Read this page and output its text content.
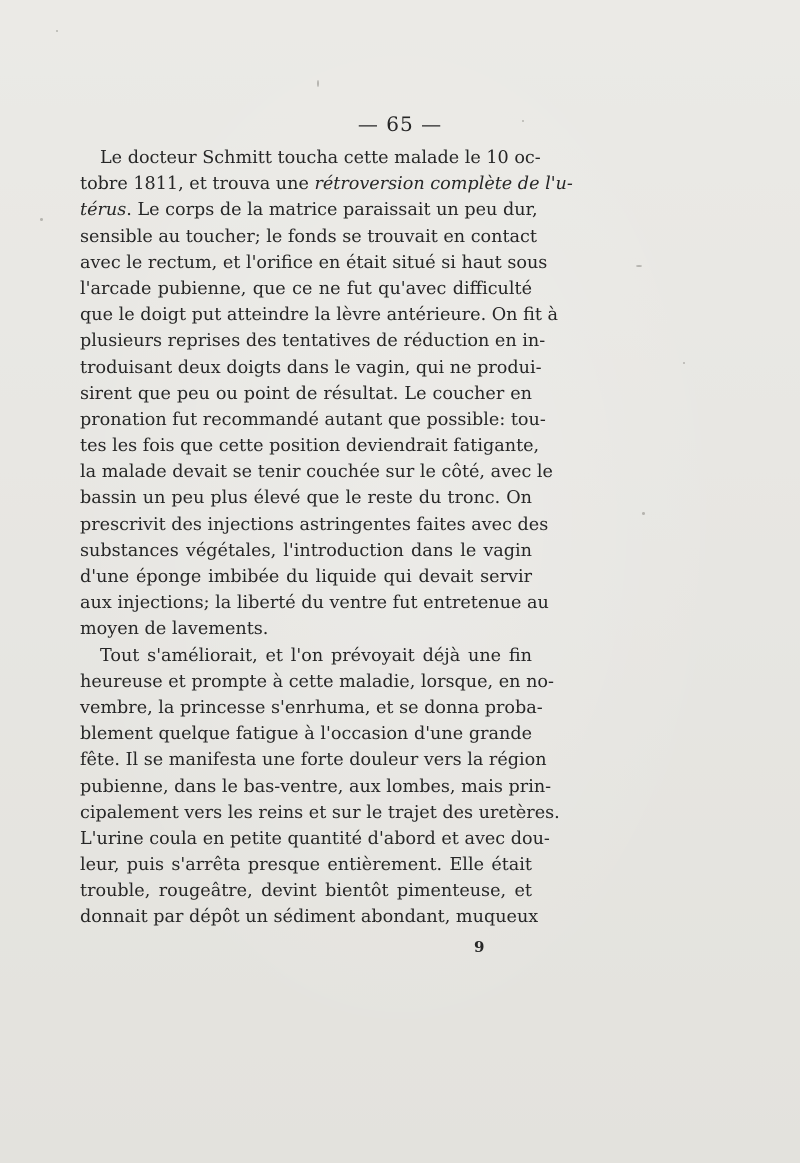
— 65 —
Le docteur Schmitt toucha cette malade le 10 oc-
tobre 1811, et trouva une rétroversion complète de l'u-
térus. Le corps de la matrice paraissait un peu dur,
sensible au toucher; le fonds se trouvait en contact
avec le rectum, et l'orifice en était situé si haut sous
l'arcade pubienne, que ce ne fut qu'avec difficulté
que le doigt put atteindre la lèvre antérieure. On fit à
plusieurs reprises des tentatives de réduction en in-
troduisant deux doigts dans le vagin, qui ne produi-
sirent que peu ou point de résultat. Le coucher en
pronation fut recommandé autant que possible: tou-
tes les fois que cette position deviendrait fatigante,
la malade devait se tenir couchée sur le côté, avec le
bassin un peu plus élevé que le reste du tronc. On
prescrivit des injections astringentes faites avec des
substances végétales, l'introduction dans le vagin
d'une éponge imbibée du liquide qui devait servir
aux injections; la liberté du ventre fut entretenue au
moyen de lavements.
Tout s'améliorait, et l'on prévoyait déjà une fin
heureuse et prompte à cette maladie, lorsque, en no-
vembre, la princesse s'enrhuma, et se donna proba-
blement quelque fatigue à l'occasion d'une grande
fête. Il se manifesta une forte douleur vers la région
pubienne, dans le bas-ventre, aux lombes, mais prin-
cipalement vers les reins et sur le trajet des uretères.
L'urine coula en petite quantité d'abord et avec dou-
leur, puis s'arrêta presque entièrement. Elle était
trouble, rougeâtre, devint bientôt pimenteuse, et
donnait par dépôt un sédiment abondant, muqueux
9
